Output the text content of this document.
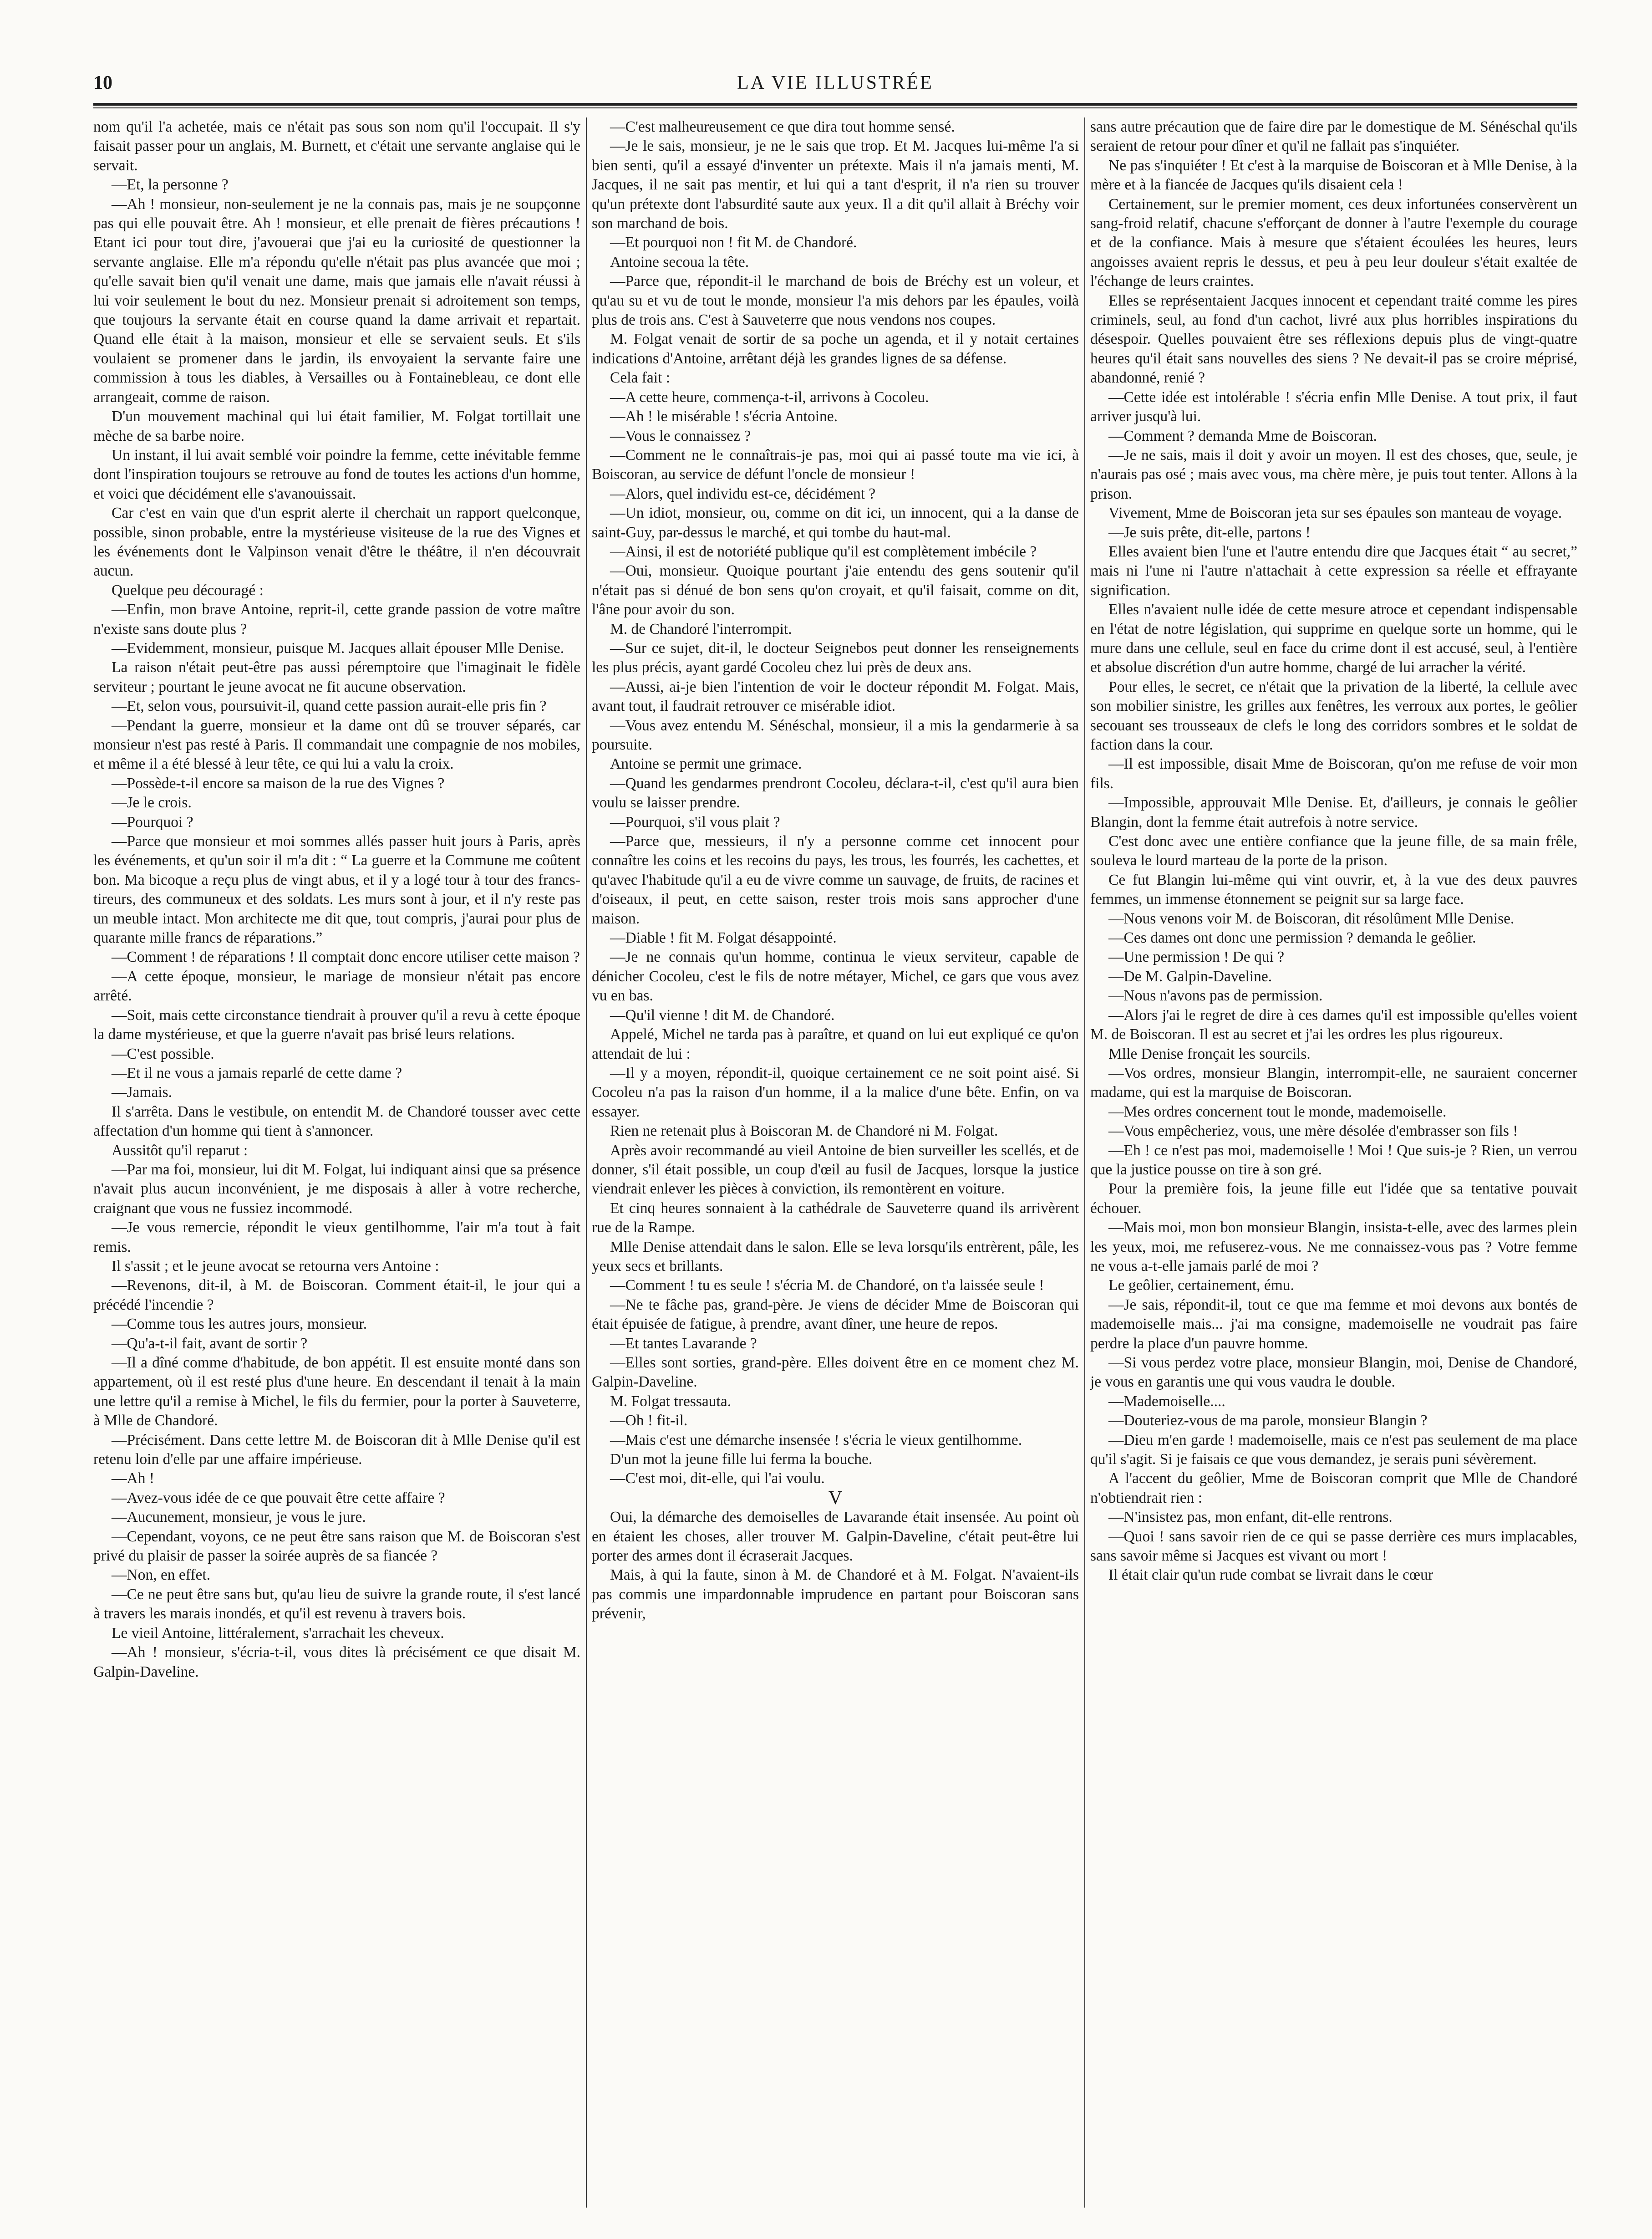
10	LA VIE ILLUSTRÉE

nom qu'il l'a achetée, mais ce n'était pas sous son nom qu'il l'occupait. Il s'y faisait passer pour un anglais, M. Burnett, et c'était une servante anglaise qui le servait.

—Et, la personne ?

—Ah ! monsieur, non-seulement je ne la connais pas, mais je ne soupçonne pas qui elle pouvait être. Ah ! monsieur, et elle prenait de fières précautions ! Etant ici pour tout dire, j'avouerai que j'ai eu la curiosité de questionner la servante anglaise. Elle m'a répondu qu'elle n'était pas plus avancée que moi ; qu'elle savait bien qu'il venait une dame, mais que jamais elle n'avait réussi à lui voir seulement le bout du nez. Monsieur prenait si adroitement son temps, que toujours la servante était en course quand la dame arrivait et repartait. Quand elle était à la maison, monsieur et elle se servaient seuls. Et s'ils voulaient se promener dans le jardin, ils envoyaient la servante faire une commission à tous les diables, à Versailles ou à Fontainebleau, ce dont elle arrangeait, comme de raison.

D'un mouvement machinal qui lui était familier, M. Folgat tortillait une mèche de sa barbe noire.

Un instant, il lui avait semblé voir poindre la femme, cette inévitable femme dont l'inspiration toujours se retrouve au fond de toutes les actions d'un homme, et voici que décidément elle s'avanouissait.

Car c'est en vain que d'un esprit alerte il cherchait un rapport quelconque, possible, sinon probable, entre la mystérieuse visiteuse de la rue des Vignes et les événements dont le Valpinson venait d'être le théâtre, il n'en découvrait aucun.

Quelque peu découragé :

—Enfin, mon brave Antoine, reprit-il, cette grande passion de votre maître n'existe sans doute plus ?

—Evidemment, monsieur, puisque M. Jacques allait épouser Mlle Denise.

La raison n'était peut-être pas aussi péremptoire que l'imaginait le fidèle serviteur ; pourtant le jeune avocat ne fit aucune observation.

—Et, selon vous, poursuivit-il, quand cette passion aurait-elle pris fin ?

—Pendant la guerre, monsieur et la dame ont dû se trouver séparés, car monsieur n'est pas resté à Paris. Il commandait une compagnie de nos mobiles, et même il a été blessé à leur tête, ce qui lui a valu la croix.

—Possède-t-il encore sa maison de la rue des Vignes ?

—Je le crois.

—Pourquoi ?

—Parce que monsieur et moi sommes allés passer huit jours à Paris, après les événements, et qu'un soir il m'a dit : “ La guerre et la Commune me coûtent bon. Ma bicoque a reçu plus de vingt abus, et il y a logé tour à tour des francs-tireurs, des communeux et des soldats. Les murs sont à jour, et il n'y reste pas un meuble intact. Mon architecte me dit que, tout compris, j'aurai pour plus de quarante mille francs de réparations.”

—Comment ! de réparations ! Il comptait donc encore utiliser cette maison ?

—A cette époque, monsieur, le mariage de monsieur n'était pas encore arrêté.

—Soit, mais cette circonstance tiendrait à prouver qu'il a revu à cette époque la dame mystérieuse, et que la guerre n'avait pas brisé leurs relations.

—C'est possible.

—Et il ne vous a jamais reparlé de cette dame ?

—Jamais.

Il s'arrêta. Dans le vestibule, on entendit M. de Chandoré tousser avec cette affectation d'un homme qui tient à s'annoncer.

Aussitôt qu'il reparut :

—Par ma foi, monsieur, lui dit M. Folgat, lui indiquant ainsi que sa présence n'avait plus aucun inconvénient, je me disposais à aller à votre recherche, craignant que vous ne fussiez incommodé.

—Je vous remercie, répondit le vieux gentilhomme, l'air m'a tout à fait remis.

Il s'assit ; et le jeune avocat se retourna vers Antoine :

—Revenons, dit-il, à M. de Boiscoran. Comment était-il, le jour qui a précédé l'incendie ?

—Comme tous les autres jours, monsieur.

—Qu'a-t-il fait, avant de sortir ?

—Il a dîné comme d'habitude, de bon appétit. Il est ensuite monté dans son appartement, où il est resté plus d'une heure. En descendant il tenait à la main une lettre qu'il a remise à Michel, le fils du fermier, pour la porter à Sauveterre, à Mlle de Chandoré.

—Précisément. Dans cette lettre M. de Boiscoran dit à Mlle Denise qu'il est retenu loin d'elle par une affaire impérieuse.

—Ah !

—Avez-vous idée de ce que pouvait être cette affaire ?

—Aucunement, monsieur, je vous le jure.

—Cependant, voyons, ce ne peut être sans raison que M. de Boiscoran s'est privé du plaisir de passer la soirée auprès de sa fiancée ?

—Non, en effet.

—Ce ne peut être sans but, qu'au lieu de suivre la grande route, il s'est lancé à travers les marais inondés, et qu'il est revenu à travers bois.

Le vieil Antoine, littéralement, s'arrachait les cheveux.

—Ah ! monsieur, s'écria-t-il, vous dites là précisément ce que disait M. Galpin-Daveline.

—C'est malheureusement ce que dira tout homme sensé.

—Je le sais, monsieur, je ne le sais que trop. Et M. Jacques lui-même l'a si bien senti, qu'il a essayé d'inventer un prétexte. Mais il n'a jamais menti, M. Jacques, il ne sait pas mentir, et lui qui a tant d'esprit, il n'a rien su trouver qu'un prétexte dont l'absurdité saute aux yeux. Il a dit qu'il allait à Bréchy voir son marchand de bois.

—Et pourquoi non ! fit M. de Chandoré.

Antoine secoua la tête.

—Parce que, répondit-il le marchand de bois de Bréchy est un voleur, et qu'au su et vu de tout le monde, monsieur l'a mis dehors par les épaules, voilà plus de trois ans. C'est à Sauveterre que nous vendons nos coupes.

M. Folgat venait de sortir de sa poche un agenda, et il y notait certaines indications d'Antoine, arrêtant déjà les grandes lignes de sa défense.

Cela fait :

—A cette heure, commença-t-il, arrivons à Cocoleu.

—Ah ! le misérable ! s'écria Antoine.

—Vous le connaissez ?

—Comment ne le connaîtrais-je pas, moi qui ai passé toute ma vie ici, à Boiscoran, au service de défunt l'oncle de monsieur !

—Alors, quel individu est-ce, décidément ?

—Un idiot, monsieur, ou, comme on dit ici, un innocent, qui a la danse de saint-Guy, par-dessus le marché, et qui tombe du haut-mal.

—Ainsi, il est de notoriété publique qu'il est complètement imbécile ?

—Oui, monsieur. Quoique pourtant j'aie entendu des gens soutenir qu'il n'était pas si dénué de bon sens qu'on croyait, et qu'il faisait, comme on dit, l'âne pour avoir du son.

M. de Chandoré l'interrompit.

—Sur ce sujet, dit-il, le docteur Seignebos peut donner les renseignements les plus précis, ayant gardé Cocoleu chez lui près de deux ans.

—Aussi, ai-je bien l'intention de voir le docteur répondit M. Folgat. Mais, avant tout, il faudrait retrouver ce misérable idiot.

—Vous avez entendu M. Sénéschal, monsieur, il a mis la gendarmerie à sa poursuite.

Antoine se permit une grimace.

—Quand les gendarmes prendront Cocoleu, déclara-t-il, c'est qu'il aura bien voulu se laisser prendre.

—Pourquoi, s'il vous plait ?

—Parce que, messieurs, il n'y a personne comme cet innocent pour connaître les coins et les recoins du pays, les trous, les fourrés, les cachettes, et qu'avec l'habitude qu'il a eu de vivre comme un sauvage, de fruits, de racines et d'oiseaux, il peut, en cette saison, rester trois mois sans approcher d'une maison.

—Diable ! fit M. Folgat désappointé.

—Je ne connais qu'un homme, continua le vieux serviteur, capable de dénicher Cocoleu, c'est le fils de notre métayer, Michel, ce gars que vous avez vu en bas.

—Qu'il vienne ! dit M. de Chandoré.

Appelé, Michel ne tarda pas à paraître, et quand on lui eut expliqué ce qu'on attendait de lui :

—Il y a moyen, répondit-il, quoique certainement ce ne soit point aisé. Si Cocoleu n'a pas la raison d'un homme, il a la malice d'une bête. Enfin, on va essayer.

Rien ne retenait plus à Boiscoran M. de Chandoré ni M. Folgat.

Après avoir recommandé au vieil Antoine de bien surveiller les scellés, et de donner, s'il était possible, un coup d'œil au fusil de Jacques, lorsque la justice viendrait enlever les pièces à conviction, ils remontèrent en voiture.

Et cinq heures sonnaient à la cathédrale de Sauveterre quand ils arrivèrent rue de la Rampe.

Mlle Denise attendait dans le salon. Elle se leva lorsqu'ils entrèrent, pâle, les yeux secs et brillants.

—Comment ! tu es seule ! s'écria M. de Chandoré, on t'a laissée seule !

—Ne te fâche pas, grand-père. Je viens de décider Mme de Boiscoran qui était épuisée de fatigue, à prendre, avant dîner, une heure de repos.

—Et tantes Lavarande ?

—Elles sont sorties, grand-père. Elles doivent être en ce moment chez M. Galpin-Daveline.

M. Folgat tressauta.

—Oh ! fit-il.

—Mais c'est une démarche insensée ! s'écria le vieux gentilhomme.

D'un mot la jeune fille lui ferma la bouche.

—C'est moi, dit-elle, qui l'ai voulu.

V

Oui, la démarche des demoiselles de Lavarande était insensée. Au point où en étaient les choses, aller trouver M. Galpin-Daveline, c'était peut-être lui porter des armes dont il écraserait Jacques.

Mais, à qui la faute, sinon à M. de Chandoré et à M. Folgat. N'avaient-ils pas commis une impardonnable imprudence en partant pour Boiscoran sans prévenir,

sans autre précaution que de faire dire par le domestique de M. Sénéschal qu'ils seraient de retour pour dîner et qu'il ne fallait pas s'inquiéter.

Ne pas s'inquiéter ! Et c'est à la marquise de Boiscoran et à Mlle Denise, à la mère et à la fiancée de Jacques qu'ils disaient cela !

Certainement, sur le premier moment, ces deux infortunées conservèrent un sang-froid relatif, chacune s'efforçant de donner à l'autre l'exemple du courage et de la confiance. Mais à mesure que s'étaient écoulées les heures, leurs angoisses avaient repris le dessus, et peu à peu leur douleur s'était exaltée de l'échange de leurs craintes.

Elles se représentaient Jacques innocent et cependant traité comme les pires criminels, seul, au fond d'un cachot, livré aux plus horribles inspirations du désespoir. Quelles pouvaient être ses réflexions depuis plus de vingt-quatre heures qu'il était sans nouvelles des siens ? Ne devait-il pas se croire méprisé, abandonné, renié ?

—Cette idée est intolérable ! s'écria enfin Mlle Denise. A tout prix, il faut arriver jusqu'à lui.

—Comment ? demanda Mme de Boiscoran.

—Je ne sais, mais il doit y avoir un moyen. Il est des choses, que, seule, je n'aurais pas osé ; mais avec vous, ma chère mère, je puis tout tenter. Allons à la prison.

Vivement, Mme de Boiscoran jeta sur ses épaules son manteau de voyage.

—Je suis prête, dit-elle, partons !

Elles avaient bien l'une et l'autre entendu dire que Jacques était “ au secret,” mais ni l'une ni l'autre n'attachait à cette expression sa réelle et effrayante signification.

Elles n'avaient nulle idée de cette mesure atroce et cependant indispensable en l'état de notre législation, qui supprime en quelque sorte un homme, qui le mure dans une cellule, seul en face du crime dont il est accusé, seul, à l'entière et absolue discrétion d'un autre homme, chargé de lui arracher la vérité.

Pour elles, le secret, ce n'était que la privation de la liberté, la cellule avec son mobilier sinistre, les grilles aux fenêtres, les verroux aux portes, le geôlier secouant ses trousseaux de clefs le long des corridors sombres et le soldat de faction dans la cour.

—Il est impossible, disait Mme de Boiscoran, qu'on me refuse de voir mon fils.

—Impossible, approuvait Mlle Denise. Et, d'ailleurs, je connais le geôlier Blangin, dont la femme était autrefois à notre service.

C'est donc avec une entière confiance que la jeune fille, de sa main frêle, souleva le lourd marteau de la porte de la prison.

Ce fut Blangin lui-même qui vint ouvrir, et, à la vue des deux pauvres femmes, un immense étonnement se peignit sur sa large face.

—Nous venons voir M. de Boiscoran, dit résolûment Mlle Denise.

—Ces dames ont donc une permission ? demanda le geôlier.

—Une permission ! De qui ?

—De M. Galpin-Daveline.

—Nous n'avons pas de permission.

—Alors j'ai le regret de dire à ces dames qu'il est impossible qu'elles voient M. de Boiscoran. Il est au secret et j'ai les ordres les plus rigoureux.

Mlle Denise fronçait les sourcils.

—Vos ordres, monsieur Blangin, interrompit-elle, ne sauraient concerner madame, qui est la marquise de Boiscoran.

—Mes ordres concernent tout le monde, mademoiselle.

—Vous empêcheriez, vous, une mère désolée d'embrasser son fils !

—Eh ! ce n'est pas moi, mademoiselle ! Moi ! Que suis-je ? Rien, un verrou que la justice pousse on tire à son gré.

Pour la première fois, la jeune fille eut l'idée que sa tentative pouvait échouer.

—Mais moi, mon bon monsieur Blangin, insista-t-elle, avec des larmes plein les yeux, moi, me refuserez-vous. Ne me connaissez-vous pas ? Votre femme ne vous a-t-elle jamais parlé de moi ?

Le geôlier, certainement, ému.

—Je sais, répondit-il, tout ce que ma femme et moi devons aux bontés de mademoiselle mais... j'ai ma consigne, mademoiselle ne voudrait pas faire perdre la place d'un pauvre homme.

—Si vous perdez votre place, monsieur Blangin, moi, Denise de Chandoré, je vous en garantis une qui vous vaudra le double.

—Mademoiselle....

—Douteriez-vous de ma parole, monsieur Blangin ?

—Dieu m'en garde ! mademoiselle, mais ce n'est pas seulement de ma place qu'il s'agit. Si je faisais ce que vous demandez, je serais puni sévèrement.

A l'accent du geôlier, Mme de Boiscoran comprit que Mlle de Chandoré n'obtiendrait rien :

—N'insistez pas, mon enfant, dit-elle rentrons.

—Quoi ! sans savoir rien de ce qui se passe derrière ces murs implacables, sans savoir même si Jacques est vivant ou mort !

Il était clair qu'un rude combat se livrait dans le cœur
